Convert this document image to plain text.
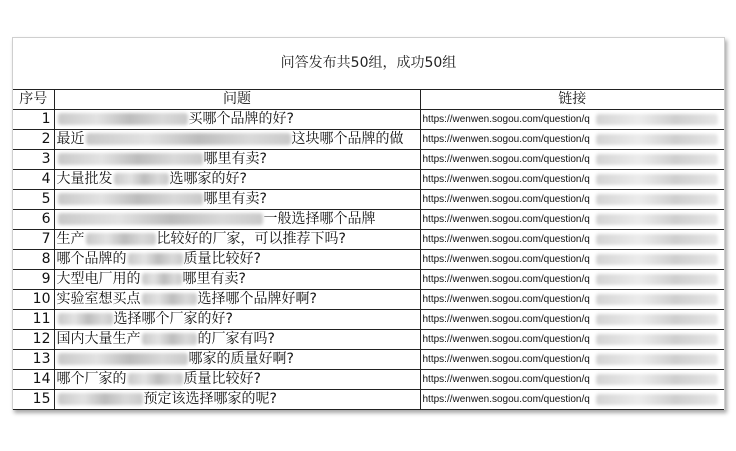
问答发布共50组，成功50组
序号	问题	链接
1	买哪个品牌的好?	https://wenwen.sogou.com/question/q

2	最近 这块哪个品牌的做	https://wenwen.sogou.com/question/q

3	哪里有卖?	https://wenwen.sogou.com/question/q

4	大量批发 选哪家的好?	https://wenwen.sogou.com/question/q

5	哪里有卖?	https://wenwen.sogou.com/question/q

6	一般选择哪个品牌	https://wenwen.sogou.com/question/q

7	生产 比较好的厂家，可以推荐下吗?	https://wenwen.sogou.com/question/q

8	哪个品牌的 质量比较好?	https://wenwen.sogou.com/question/q

9	大型电厂用的 哪里有卖?	https://wenwen.sogou.com/question/q

10	实验室想买点 选择哪个品牌好啊?	https://wenwen.sogou.com/question/q

11	选择哪个厂家的好?	https://wenwen.sogou.com/question/q

12	国内大量生产 的厂家有吗?	https://wenwen.sogou.com/question/q

13	哪家的质量好啊?	https://wenwen.sogou.com/question/q

14	哪个厂家的 质量比较好?	https://wenwen.sogou.com/question/q

15	预定该选择哪家的呢?	https://wenwen.sogou.com/question/q
